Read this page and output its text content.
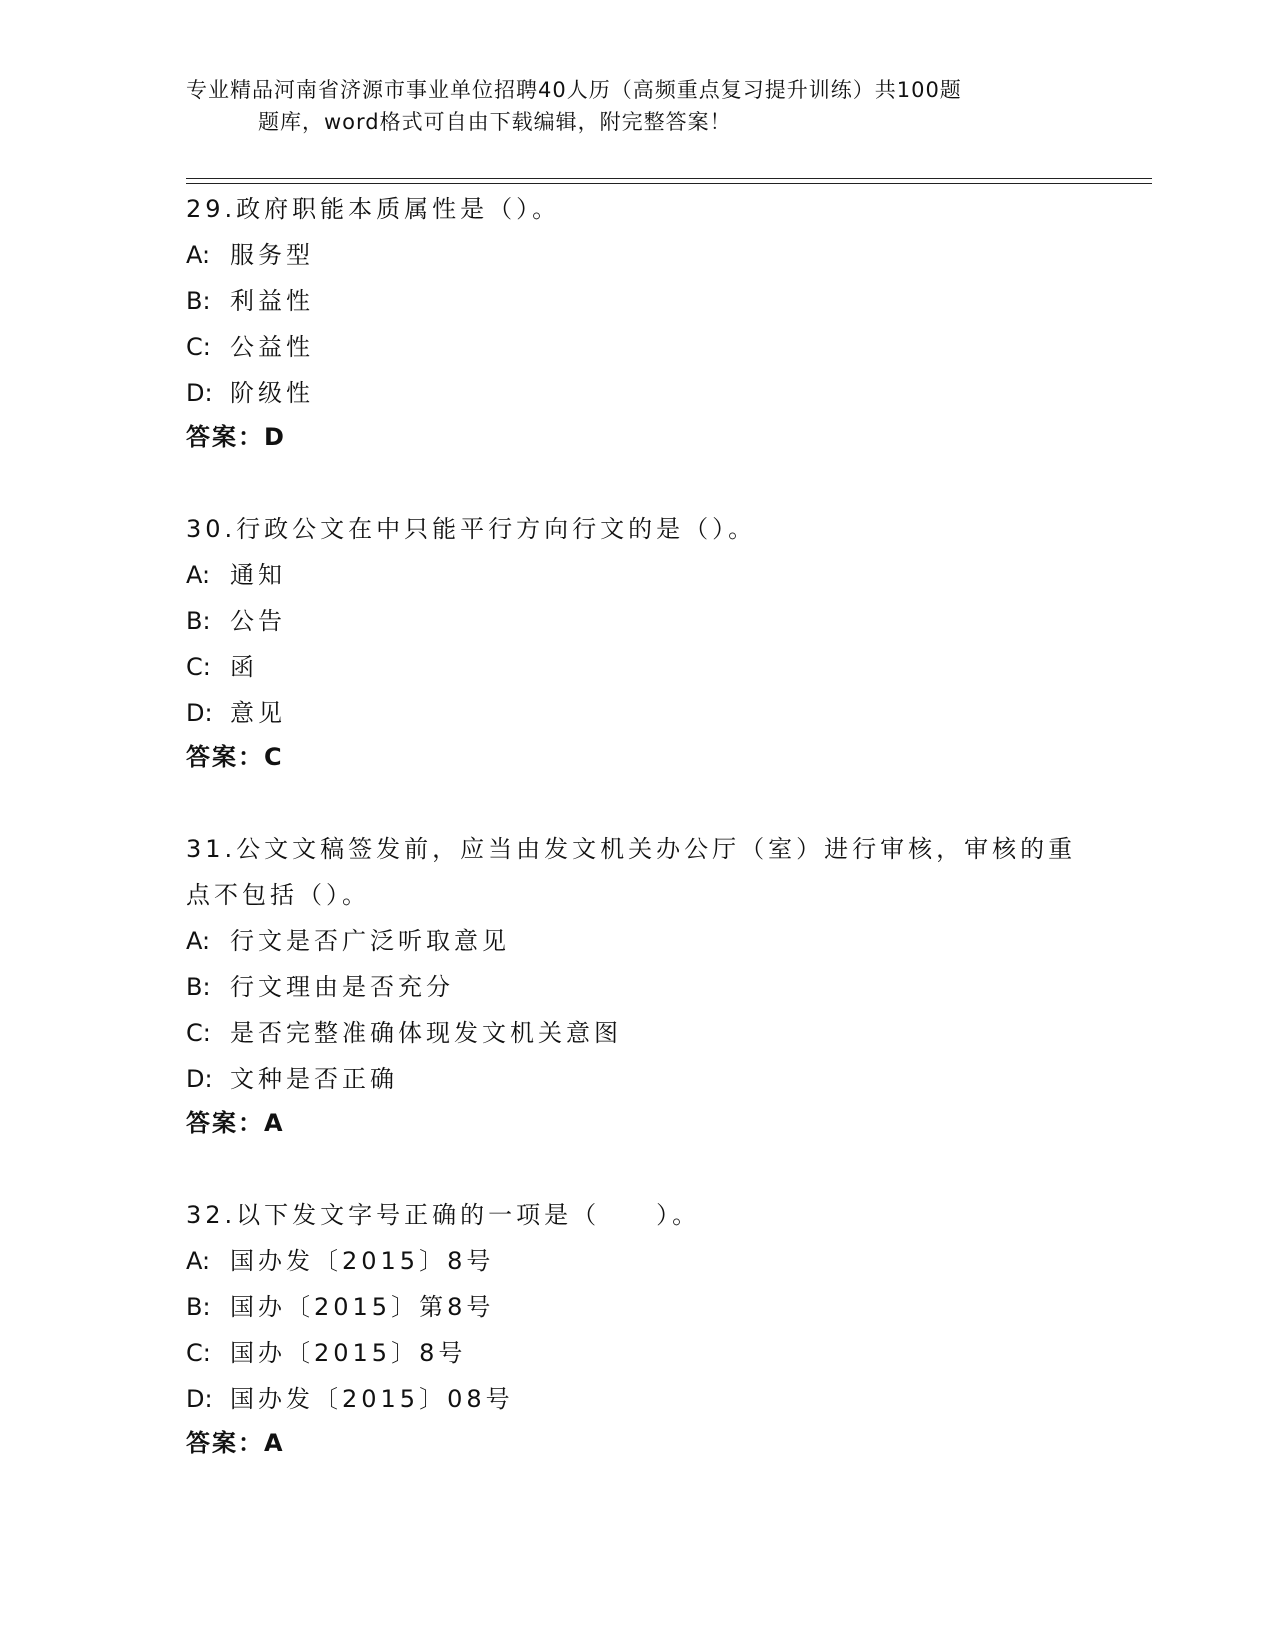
专业精品河南省济源市事业单位招聘40人历（高频重点复习提升训练）共100题
题库，word格式可自由下载编辑，附完整答案！
29.政府职能本质属性是（）。
A: 服务型
B: 利益性
C: 公益性
D: 阶级性
答案：D
30.行政公文在中只能平行方向行文的是（）。
A: 通知
B: 公告
C: 函
D: 意见
答案：C
31.公文文稿签发前，应当由发文机关办公厅（室）进行审核，审核的重点不包括（）。
A: 行文是否广泛听取意见
B: 行文理由是否充分
C: 是否完整准确体现发文机关意图
D: 文种是否正确
答案：A
32.以下发文字号正确的一项是（　　）。
A: 国办发〔2015〕8号
B: 国办〔2015〕第8号
C: 国办〔2015〕8号
D: 国办发〔2015〕08号
答案：A
